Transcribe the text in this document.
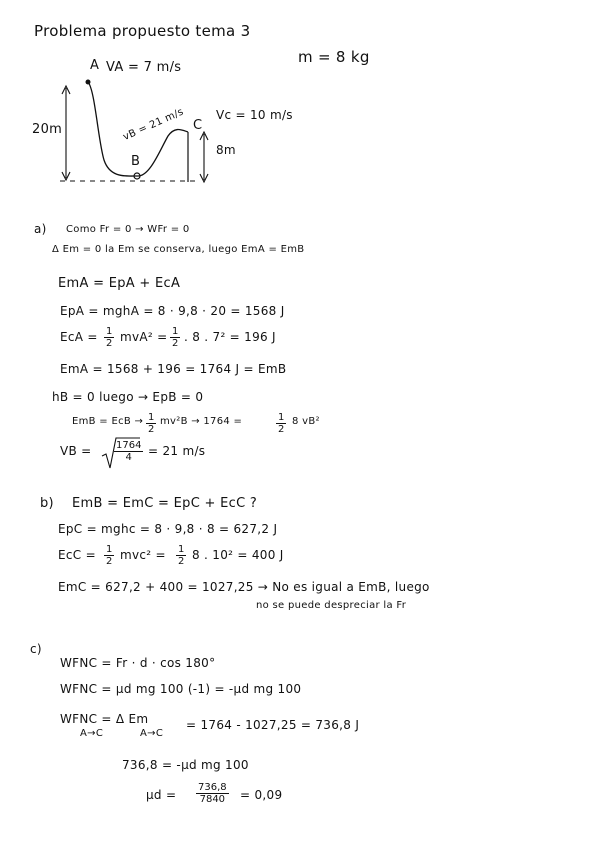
Problema propuesto tema 3
m = 8 kg
A VA = 7 m/s
20m	vB = 21 m/s
B
C
Vc = 10 m/s
8m
a) Como Fr = 0 → WFr = 0
Δ Em = 0 la Em se conserva, luego EmA = EmB
EmA = EpA + EcA
EpA = mghA = 8 · 9,8 · 20 = 1568 J
EcA = $\frac{1}{2} mvA^2 = \frac{1}{2}$ . 8 . 7² = 196 J
EmA = 1568 + 196 = 1764 J = EmB
hB = 0 luego → EpB = 0
EmB = EcB → $\frac{1}{2} mv^2B \to 1764$ =	$\frac{1}{2} 8$ vB²
VB = $\frac{1764}{4} = 21$ m/s
b) EmB = EmC = EpC + EcC ?
EpC = mghc = 8 · 9,8 · 8 = 627,2 J
EcC = $\frac{1}{2} mvc^2 = \frac{1}{2} 8$ . 10² = 400 J
EmC = 627,2 + 400 = 1027,25 → No es igual a EmB, luego
no se puede despreciar la Fr
c)
WFNC = Fr · d · cos 180°
WFNC = μd mg 100 (-1) = -μd mg 100
WFNC = Δ Em
A→C	A→C
= 1764 - 1027,25 = 736,8 J
736,8 = -μd mg 100
$\mu d = \frac{736,8}{7840} = 0,09$
